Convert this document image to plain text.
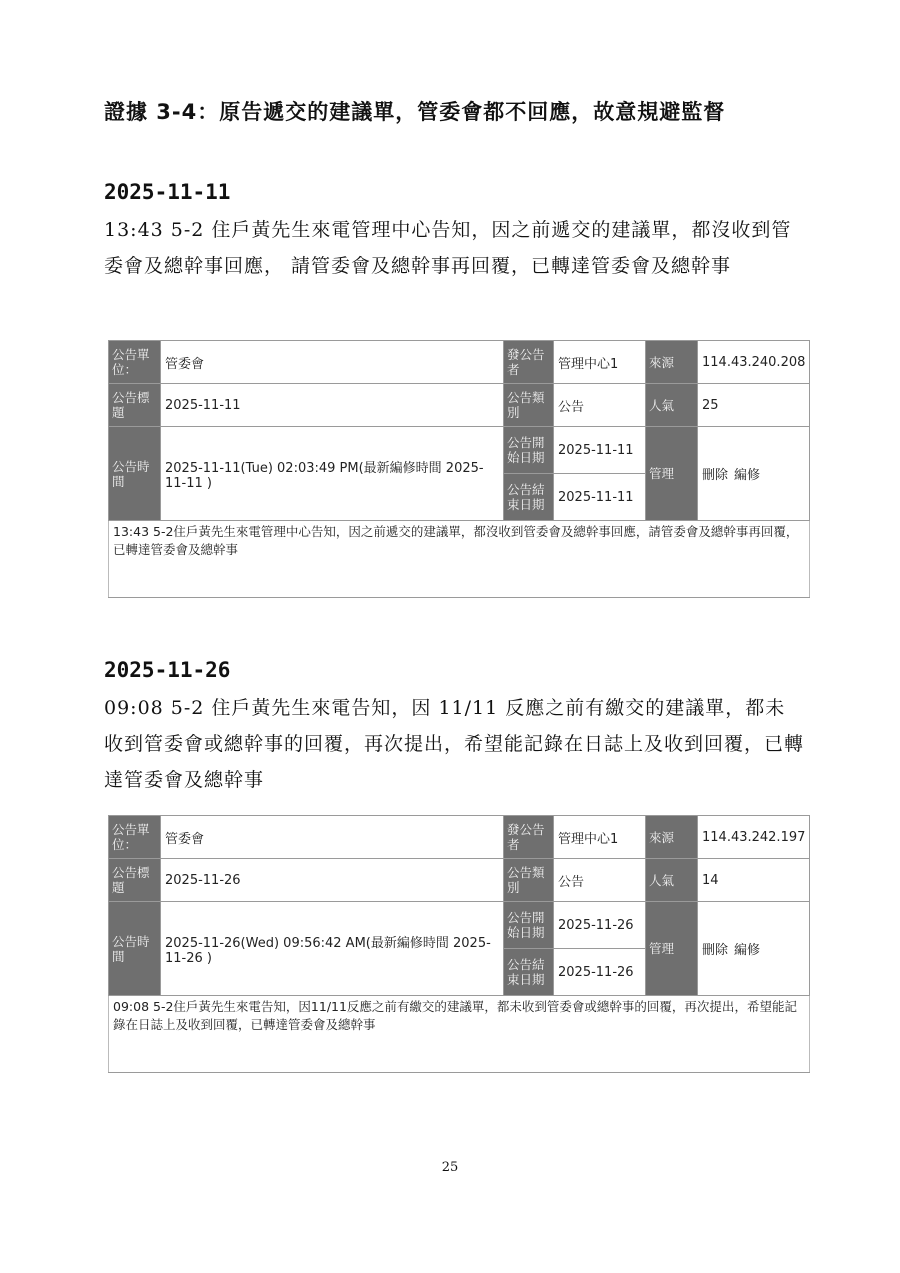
證據 3-4：原告遞交的建議單，管委會都不回應，故意規避監督
2025-11-11

13:43 5-2 住戶黃先生來電管理中心告知，因之前遞交的建議單，都沒收到管委會及總幹事回應， 請管委會及總幹事再回覆，已轉達管委會及總幹事

公告單位：	管委會	發公告者	管理中心1	來源	114.43.240.208
公告標題	2025-11-11	公告類別	公告	人氣	25
公告時間	2025-11-11(Tue) 02:03:49 PM(最新編修時間 2025-11-11 )	公告開始日期	2025-11-11	管理	刪除 編修
		公告結束日期	2025-11-11		
13:43 5-2住戶黃先生來電管理中心告知，因之前遞交的建議單，都沒收到管委會及總幹事回應，請管委會及總幹事再回覆，已轉達管委會及總幹事					
2025-11-26

09:08 5-2 住戶黃先生來電告知，因 11/11 反應之前有繳交的建議單，都未收到管委會或總幹事的回覆，再次提出，希望能記錄在日誌上及收到回覆，已轉達管委會及總幹事

公告單位：	管委會	發公告者	管理中心1	來源	114.43.242.197
公告標題	2025-11-26	公告類別	公告	人氣	14
公告時間	2025-11-26(Wed) 09:56:42 AM(最新編修時間 2025-11-26 )	公告開始日期	2025-11-26	管理	刪除 編修
		公告結束日期	2025-11-26		
09:08 5-2住戶黃先生來電告知，因11/11反應之前有繳交的建議單，都未收到管委會或總幹事的回覆，再次提出，希望能記錄在日誌上及收到回覆，已轉達管委會及總幹事					
25
